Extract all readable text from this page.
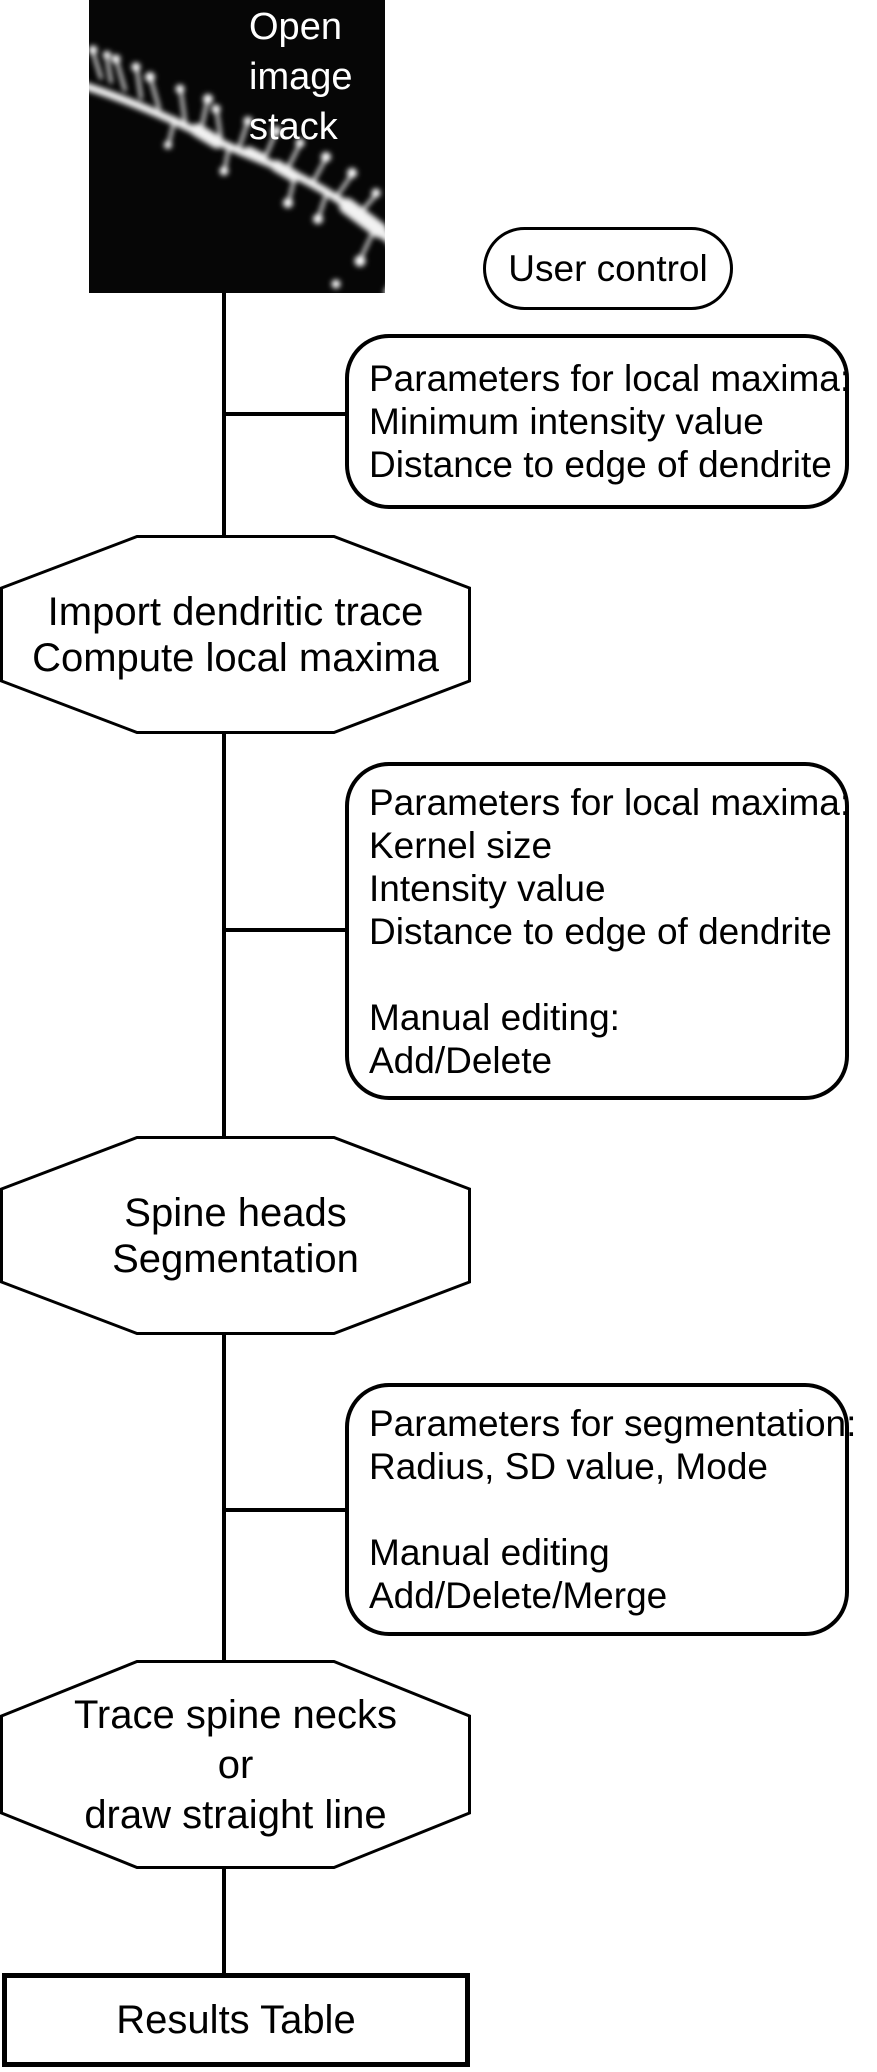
Open image stack
User control
Parameters for local maxima:
Minimum intensity value
Distance to edge of dendrite
Parameters for local maxima:
Kernel size
Intensity value
Distance to edge of dendrite
Manual editing:
Add/Delete
Parameters for segmentation:
Radius, SD value, Mode
Manual editing
Add/Delete/Merge
Import dendritic trace
Compute local maxima
Spine heads
Segmentation
Trace spine necks
or
draw straight line
Results Table
